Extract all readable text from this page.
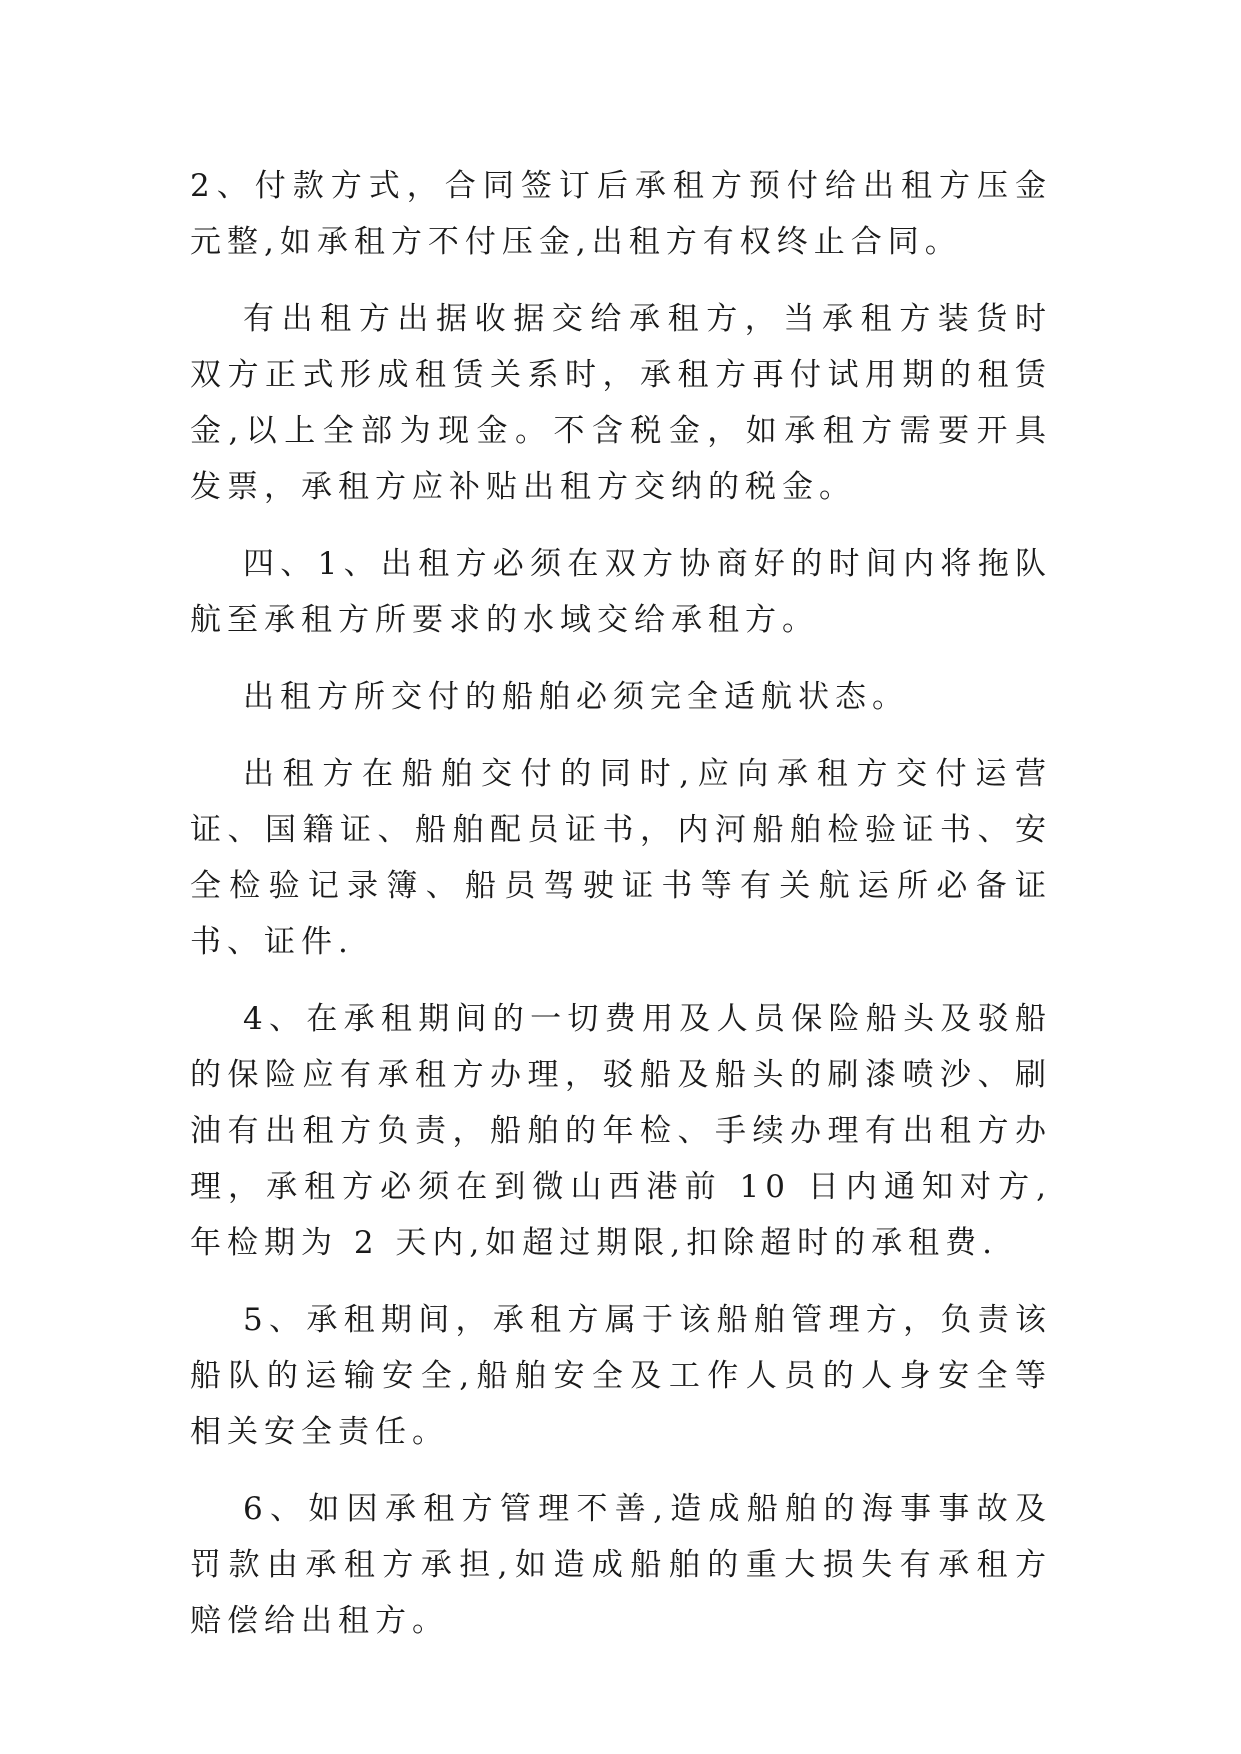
2、付款方式，合同签订后承租方预付给出租方压金元整,如承租方不付压金,出租方有权终止合同。

有出租方出据收据交给承租方，当承租方装货时双方正式形成租赁关系时，承租方再付试用期的租赁金,以上全部为现金。不含税金，如承租方需要开具发票，承租方应补贴出租方交纳的税金。

四、1、出租方必须在双方协商好的时间内将拖队航至承租方所要求的水域交给承租方。

出租方所交付的船舶必须完全适航状态。

出租方在船舶交付的同时,应向承租方交付运营证、国籍证、船舶配员证书，内河船舶检验证书、安全检验记录簿、船员驾驶证书等有关航运所必备证书、证件.

4、在承租期间的一切费用及人员保险船头及驳船的保险应有承租方办理，驳船及船头的刷漆喷沙、刷油有出租方负责，船舶的年检、手续办理有出租方办理，承租方必须在到微山西港前 10 日内通知对方,年检期为 2 天内,如超过期限,扣除超时的承租费.

5、承租期间，承租方属于该船舶管理方，负责该船队的运输安全,船舶安全及工作人员的人身安全等相关安全责任。

6、如因承租方管理不善,造成船舶的海事事故及罚款由承租方承担,如造成船舶的重大损失有承租方赔偿给出租方。
